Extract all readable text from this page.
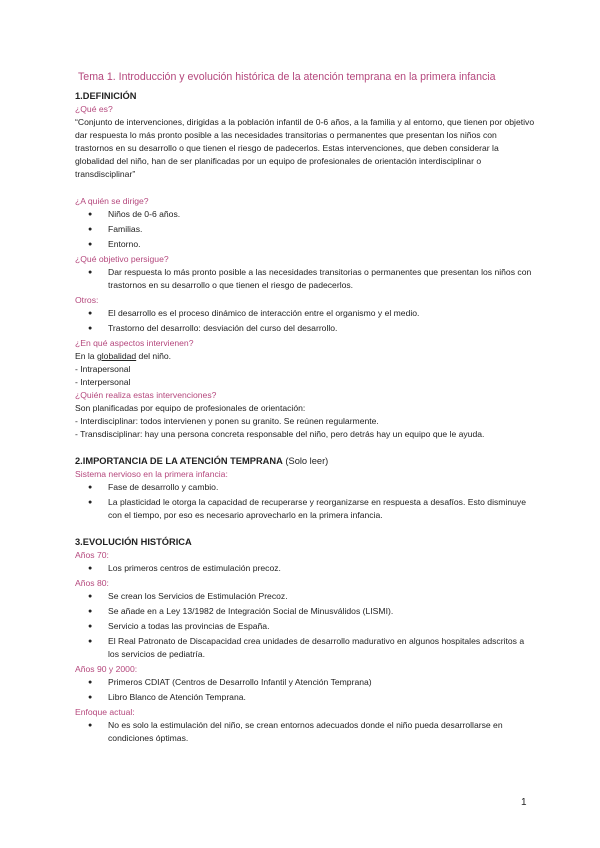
Tema 1. Introducción y evolución histórica de la atención temprana en la primera infancia
1.DEFINICIÓN
¿Qué es?
“Conjunto de intervenciones, dirigidas a la población infantil de 0-6 años, a la familia y al entorno, que tienen por objetivo dar respuesta lo más pronto posible a las necesidades transitorias o permanentes que presentan los niños con trastornos en su desarrollo o que tienen el riesgo de padecerlos. Estas intervenciones, que deben considerar la globalidad del niño, han de ser planificadas por un equipo de profesionales de orientación interdisciplinar o transdisciplinar”
¿A quién se dirige?
● Niños de 0-6 años.
● Familias.
● Entorno.
¿Qué objetivo persigue?
● Dar respuesta lo más pronto posible a las necesidades transitorias o permanentes que presentan los niños con trastornos en su desarrollo o que tienen el riesgo de padecerlos.
Otros:
● El desarrollo es el proceso dinámico de interacción entre el organismo y el medio.
● Trastorno del desarrollo: desviación del curso del desarrollo.
¿En qué aspectos intervienen?
En la globalidad del niño.
- Intrapersonal
- Interpersonal
¿Quién realiza estas intervenciones?
Son planificadas por equipo de profesionales de orientación:
- Interdisciplinar: todos intervienen y ponen su granito. Se reúnen regularmente.
- Transdisciplinar: hay una persona concreta responsable del niño, pero detrás hay un equipo que le ayuda.
2.IMPORTANCIA DE LA ATENCIÓN TEMPRANA (Solo leer)
Sistema nervioso en la primera infancia:
● Fase de desarrollo y cambio.
● La plasticidad le otorga la capacidad de recuperarse y reorganizarse en respuesta a desafíos. Esto disminuye con el tiempo, por eso es necesario aprovecharlo en la primera infancia.
3.EVOLUCIÓN HISTÓRICA
Años 70:
● Los primeros centros de estimulación precoz.
Años 80:
● Se crean los Servicios de Estimulación Precoz.
● Se añade en a Ley 13/1982 de Integración Social de Minusválidos (LISMI).
● Servicio a todas las provincias de España.
● El Real Patronato de Discapacidad crea unidades de desarrollo madurativo en algunos hospitales adscritos a los servicios de pediatría.
Años 90 y 2000:
● Primeros CDIAT (Centros de Desarrollo Infantil y Atención Temprana)
● Libro Blanco de Atención Temprana.
Enfoque actual:
● No es solo la estimulación del niño, se crean entornos adecuados donde el niño pueda desarrollarse en condiciones óptimas.
1
